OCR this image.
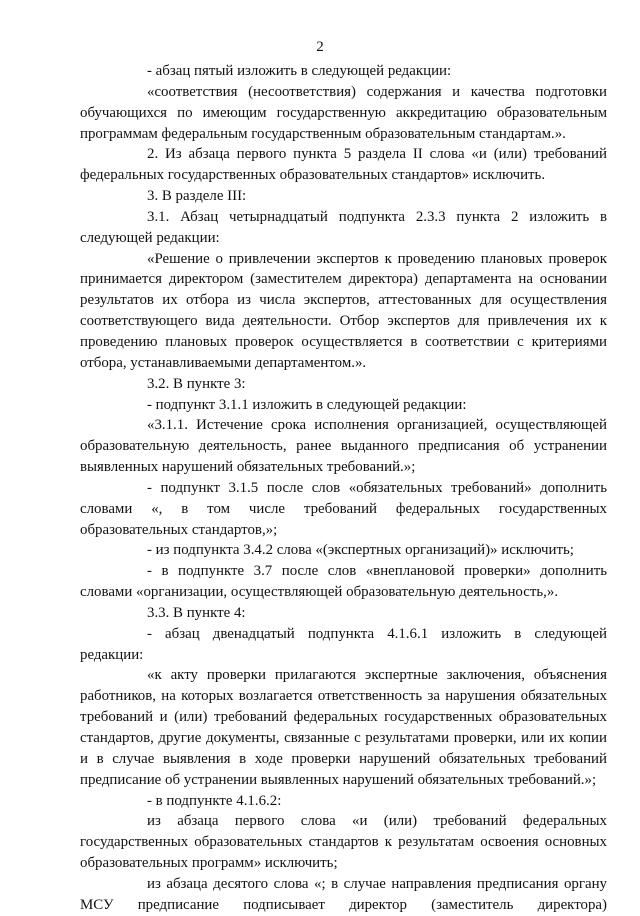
2

- абзац пятый изложить в следующей редакции:

«соответствия (несоответствия) содержания и качества подготовки обучающихся по имеющим государственную аккредитацию образовательным программам федеральным государственным образовательным стандартам.».

2. Из абзаца первого пункта 5 раздела II слова «и (или) требований федеральных государственных образовательных стандартов» исключить.

3. В разделе III:

3.1. Абзац четырнадцатый подпункта 2.3.3 пункта 2 изложить в следующей редакции:

«Решение о привлечении экспертов к проведению плановых проверок принимается директором (заместителем директора) департамента на основании результатов их отбора из числа экспертов, аттестованных для осуществления соответствующего вида деятельности. Отбор экспертов для привлечения их к проведению плановых проверок осуществляется в соответствии с критериями отбора, устанавливаемыми департаментом.».

3.2. В пункте 3:

- подпункт 3.1.1 изложить в следующей редакции:

«3.1.1. Истечение срока исполнения организацией, осуществляющей образовательную деятельность, ранее выданного предписания об устранении выявленных нарушений обязательных требований.»;

- подпункт 3.1.5 после слов «обязательных требований» дополнить словами «, в том числе требований федеральных государственных образовательных стандартов,»;

- из подпункта 3.4.2 слова «(экспертных организаций)» исключить;

- в подпункте 3.7 после слов «внеплановой проверки» дополнить словами «организации, осуществляющей образовательную деятельность,».

3.3. В пункте 4:

- абзац двенадцатый подпункта 4.1.6.1 изложить в следующей редакции:

«к акту проверки прилагаются экспертные заключения, объяснения работников, на которых возлагается ответственность за нарушения обязательных требований и (или) требований федеральных государственных образовательных стандартов, другие документы, связанные с результатами проверки, или их копии и в случае выявления в ходе проверки нарушений обязательных требований предписание об устранении выявленных нарушений обязательных требований.»;

- в подпункте 4.1.6.2:

из абзаца первого слова «и (или) требований федеральных государственных образовательных стандартов к результатам освоения основных образовательных программ» исключить;

из абзаца десятого слова «; в случае направления предписания органу МСУ предписание подписывает директор (заместитель директора)
